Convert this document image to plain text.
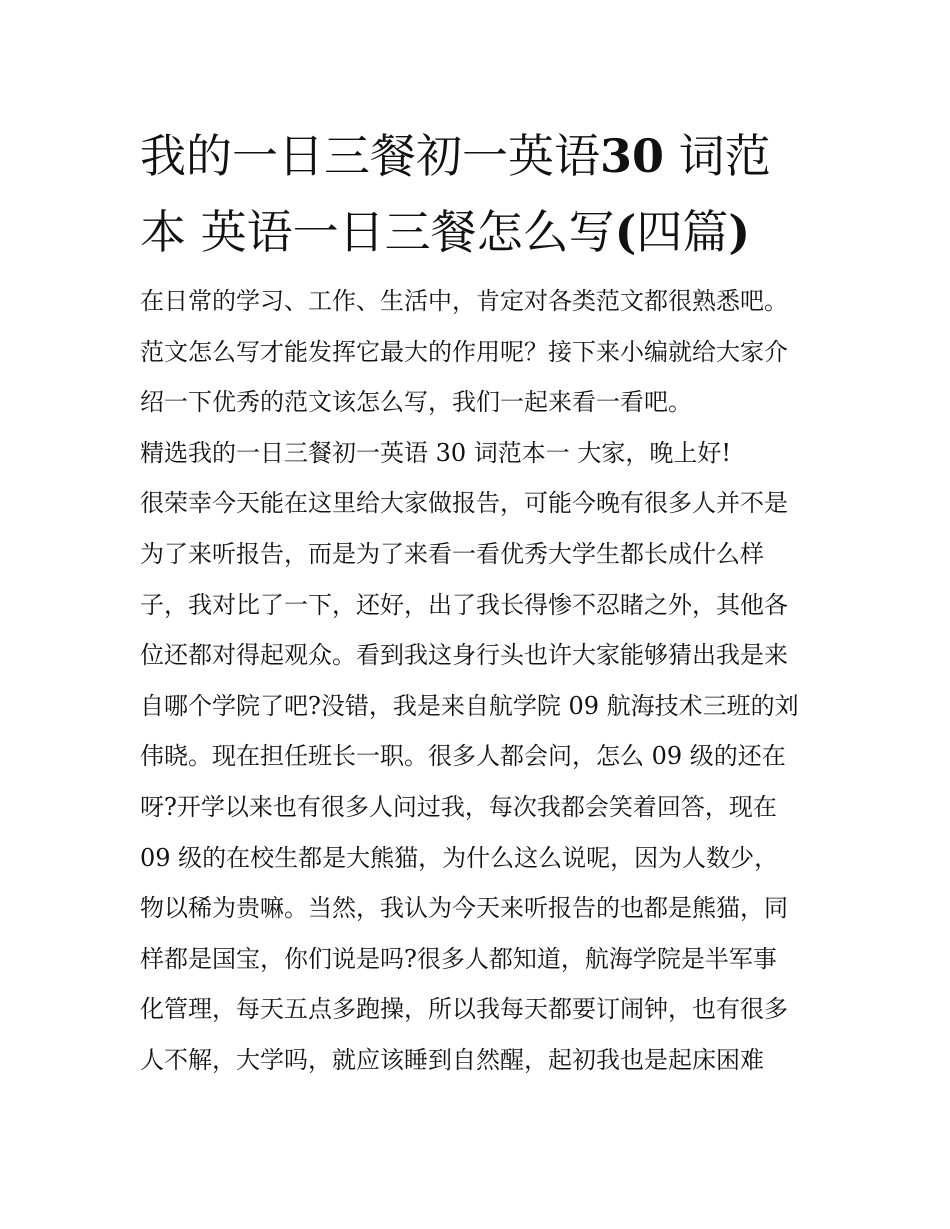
我的一日三餐初一英语30 词范
本 英语一日三餐怎么写(四篇)
在日常的学习、工作、生活中，肯定对各类范文都很熟悉吧。
范文怎么写才能发挥它最大的作用呢？接下来小编就给大家介
绍一下优秀的范文该怎么写，我们一起来看一看吧。
精选我的一日三餐初一英语 30 词范本一 大家，晚上好!
很荣幸今天能在这里给大家做报告，可能今晚有很多人并不是
为了来听报告，而是为了来看一看优秀大学生都长成什么样
子，我对比了一下，还好，出了我长得惨不忍睹之外，其他各
位还都对得起观众。看到我这身行头也许大家能够猜出我是来
自哪个学院了吧?没错，我是来自航学院 09 航海技术三班的刘
伟晓。现在担任班长一职。很多人都会问，怎么 09 级的还在
呀?开学以来也有很多人问过我，每次我都会笑着回答，现在
09 级的在校生都是大熊猫，为什么这么说呢，因为人数少，
物以稀为贵嘛。当然，我认为今天来听报告的也都是熊猫，同
样都是国宝，你们说是吗?很多人都知道，航海学院是半军事
化管理，每天五点多跑操，所以我每天都要订闹钟，也有很多
人不解，大学吗，就应该睡到自然醒，起初我也是起床困难
